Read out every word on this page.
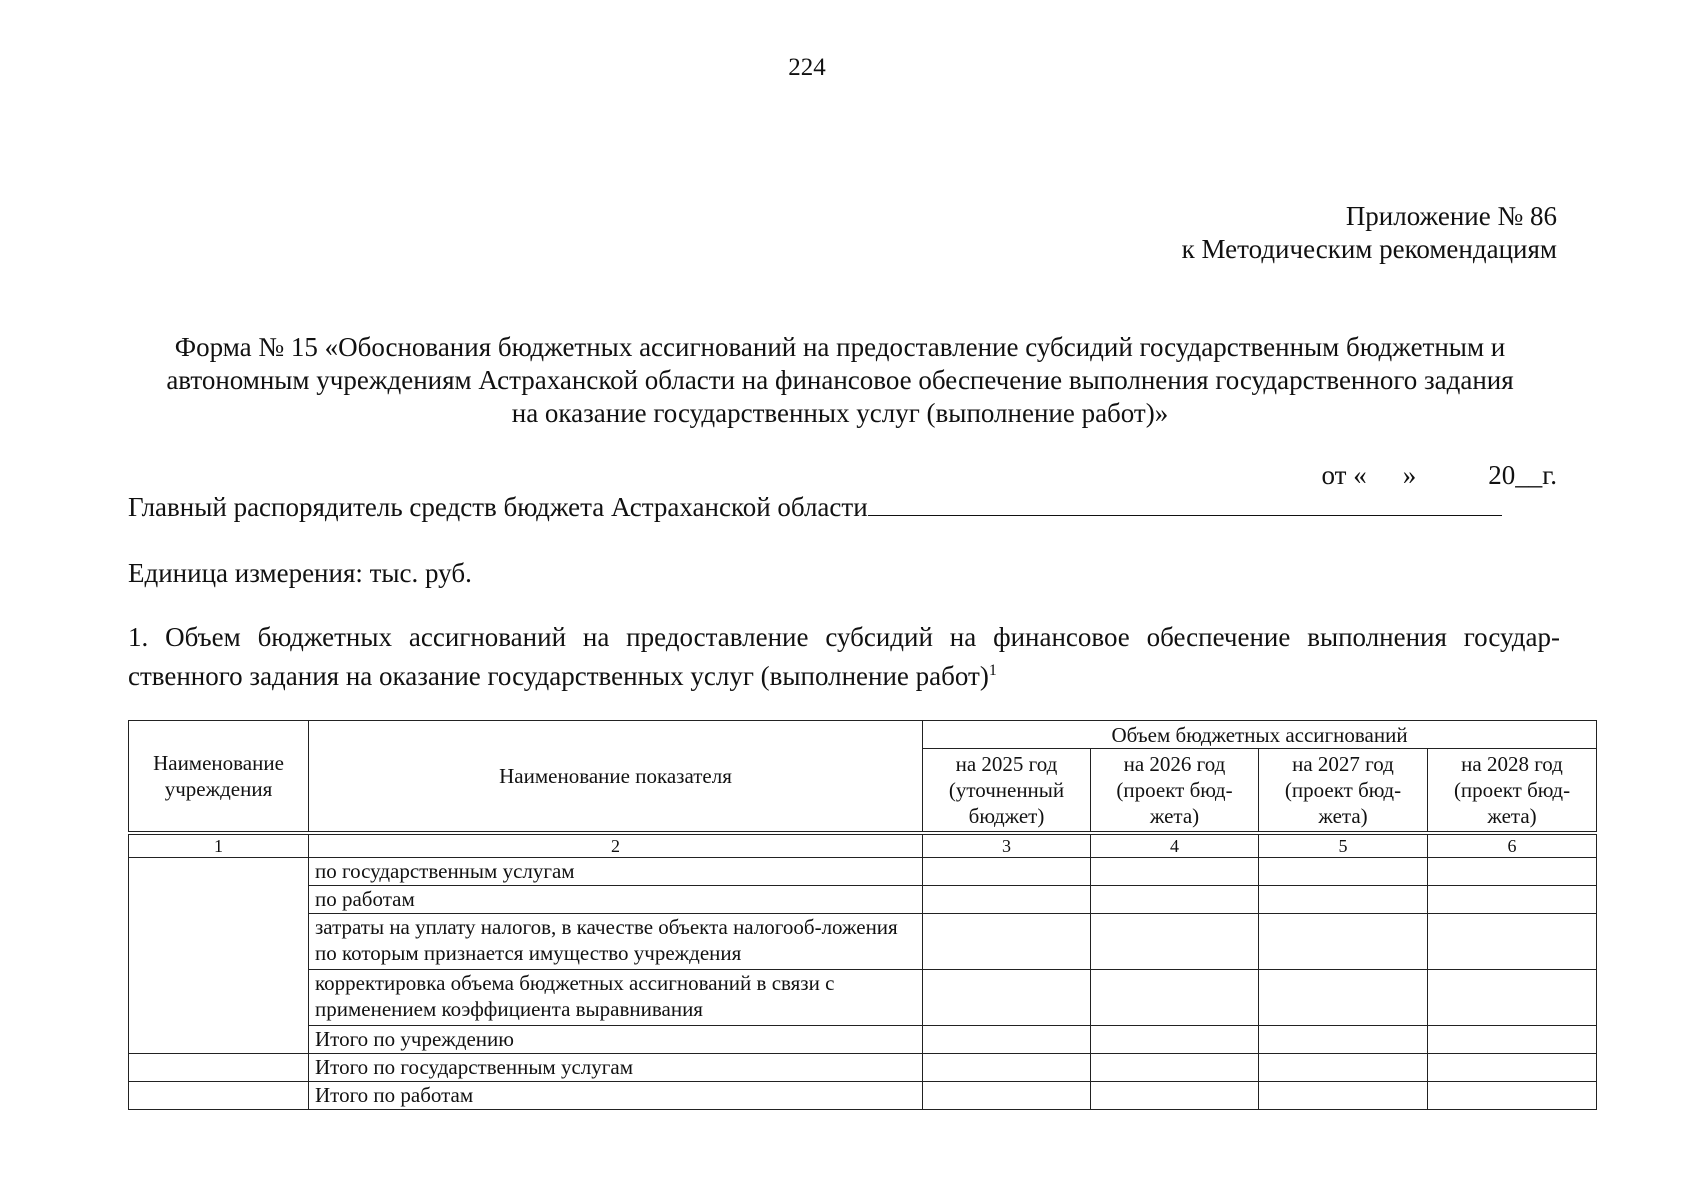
224
Приложение № 86
к Методическим рекомендациям
Форма № 15 «Обоснования бюджетных ассигнований на предоставление субсидий государственным бюджетным и
автономным учреждениям Астраханской области на финансовое обеспечение выполнения государственного задания
на оказание государственных услуг (выполнение работ)»
от « »	20__г.
Главный распорядитель средств бюджета Астраханской области
Единица измерения: тыс. руб.
1. Объем бюджетных ассигнований на предоставление субсидий на финансовое обеспечение выполнения государ-
ственного задания на оказание государственных услуг (выполнение работ)$^1$
Наименование учреждения	Наименование показателя	Объем бюджетных ассигнований			
		на 2025 год (уточненный бюджет)	на 2026 год (проект бюд-жета)	на 2027 год (проект бюд-жета)	на 2028 год (проект бюд-жета)
1	2	3	4	5	6
	по государственным услугам				
	по работам				
	затраты на уплату налогов, в качестве объекта налогооб-ложения по которым признается имущество учреждения				
	корректировка объема бюджетных ассигнований в связи с применением коэффициента выравнивания				
	Итого по учреждению				
	Итого по государственным услугам				
	Итого по работам				
